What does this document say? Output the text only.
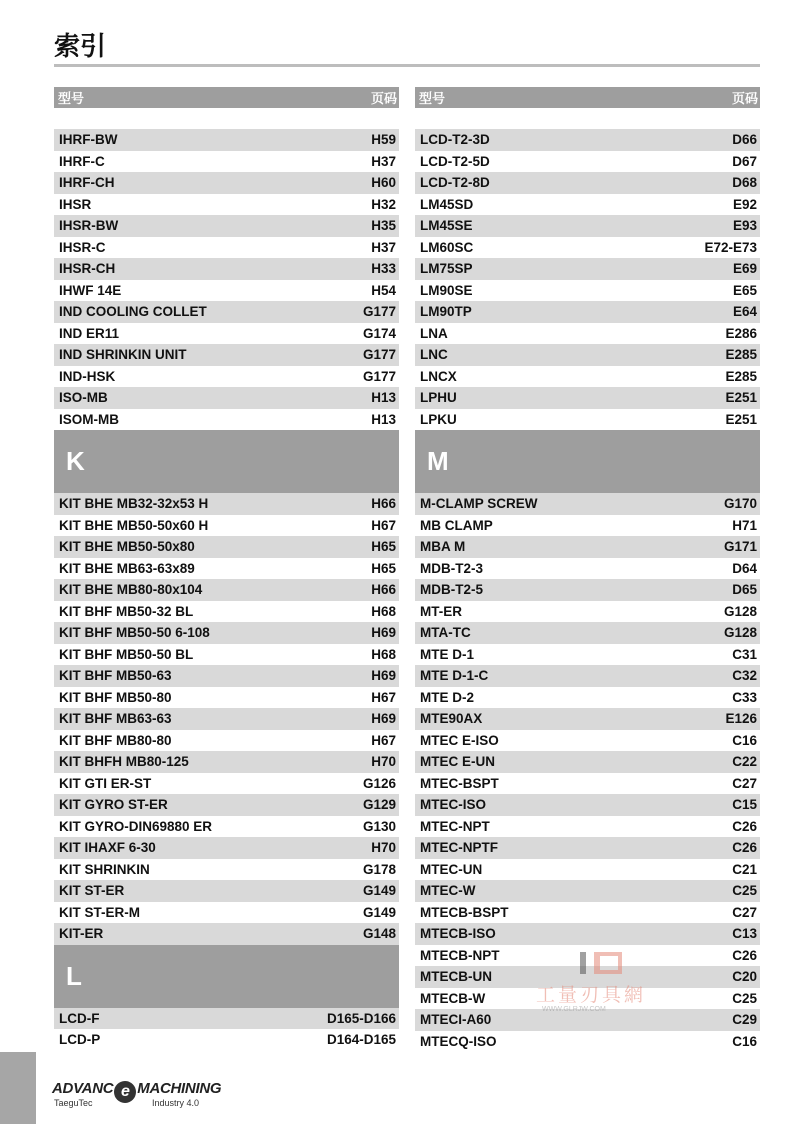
索引
型号	页码
IHRF-BW	H59
IHRF-C	H37
IHRF-CH	H60
IHSR	H32
IHSR-BW	H35
IHSR-C	H37
IHSR-CH	H33
IHWF 14E	H54
IND COOLING COLLET	G177
IND ER11	G174
IND SHRINKIN UNIT	G177
IND-HSK	G177
ISO-MB	H13
ISOM-MB	H13
K
KIT BHE MB32-32x53 H	H66
KIT BHE MB50-50x60 H	H67
KIT BHE MB50-50x80	H65
KIT BHE MB63-63x89	H65
KIT BHE MB80-80x104	H66
KIT BHF MB50-32 BL	H68
KIT BHF MB50-50 6-108	H69
KIT BHF MB50-50 BL	H68
KIT BHF MB50-63	H69
KIT BHF MB50-80	H67
KIT BHF MB63-63	H69
KIT BHF MB80-80	H67
KIT BHFH MB80-125	H70
KIT GTI ER-ST	G126
KIT GYRO ST-ER	G129
KIT GYRO-DIN69880 ER	G130
KIT IHAXF 6-30	H70
KIT SHRINKIN	G178
KIT ST-ER	G149
KIT ST-ER-M	G149
KIT-ER	G148
L
LCD-F	D165-D166
LCD-P	D164-D165
型号	页码
LCD-T2-3D	D66
LCD-T2-5D	D67
LCD-T2-8D	D68
LM45SD	E92
LM45SE	E93
LM60SC	E72-E73
LM75SP	E69
LM90SE	E65
LM90TP	E64
LNA	E286
LNC	E285
LNCX	E285
LPHU	E251
LPKU	E251
M
M-CLAMP SCREW	G170
MB CLAMP	H71
MBA M	G171
MDB-T2-3	D64
MDB-T2-5	D65
MT-ER	G128
MTA-TC	G128
MTE D-1	C31
MTE D-1-C	C32
MTE D-2	C33
MTE90AX	E126
MTEC E-ISO	C16
MTEC E-UN	C22
MTEC-BSPT	C27
MTEC-ISO	C15
MTEC-NPT	C26
MTEC-NPTF	C26
MTEC-UN	C21
MTEC-W	C25
MTECB-BSPT	C27
MTECB-ISO	C13
MTECB-NPT	C26
MTECB-UN	C20
MTECB-W	C25
MTECI-A60	C29
MTECQ-ISO	C16
工量刃具網
WWW.GLRJW.COM
ADVANC e MACHINING
TaeguTec	Industry 4.0
